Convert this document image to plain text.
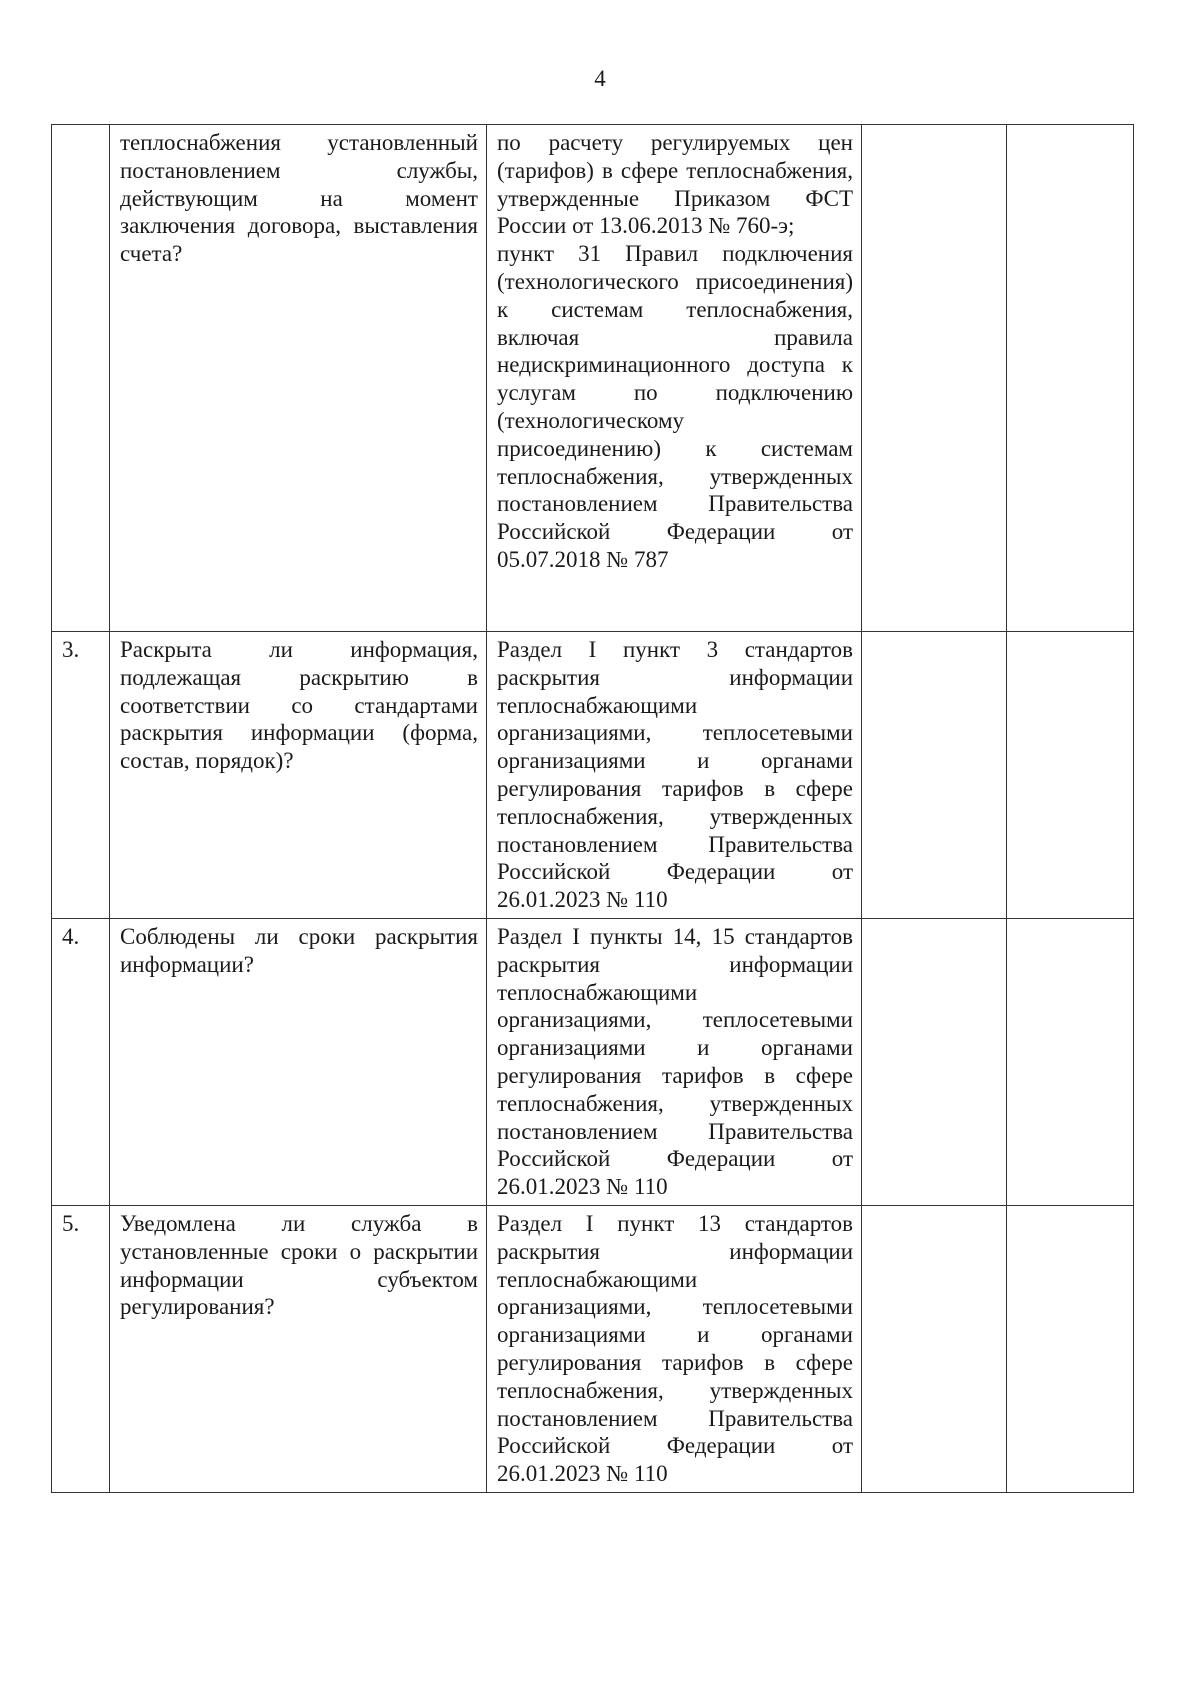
4
	теплоснабжения установленный постановлением службы, действующим на момент заключения договора, выставления счета?	по расчету регулируемых цен (тарифов) в сфере теплоснабжения, утвержденные Приказом ФСТ России от 13.06.2013 № 760-э;
пункт 31 Правил подключения (технологического присоединения) к системам теплоснабжения, включая правила недискриминационного доступа к услугам по подключению (технологическому присоединению) к системам теплоснабжения, утвержденных постановлением Правительства Российской Федерации от 05.07.2018 № 787		

3.	Раскрыта ли информация, подлежащая раскрытию в соответствии со стандартами раскрытия информации (форма, состав, порядок)?	Раздел I пункт 3 стандартов раскрытия информации теплоснабжающими организациями, теплосетевыми организациями и органами регулирования тарифов в сфере теплоснабжения, утвержденных постановлением Правительства Российской Федерации от 26.01.2023 № 110		

4.	Соблюдены ли сроки раскрытия информации?	Раздел I пункты 14, 15 стандартов раскрытия информации теплоснабжающими организациями, теплосетевыми организациями и органами регулирования тарифов в сфере теплоснабжения, утвержденных постановлением Правительства Российской Федерации от 26.01.2023 № 110		

5.	Уведомлена ли служба в установленные сроки о раскрытии информации субъектом регулирования?	Раздел I пункт 13 стандартов раскрытия информации теплоснабжающими организациями, теплосетевыми организациями и органами регулирования тарифов в сфере теплоснабжения, утвержденных постановлением Правительства Российской Федерации от 26.01.2023 № 110		
